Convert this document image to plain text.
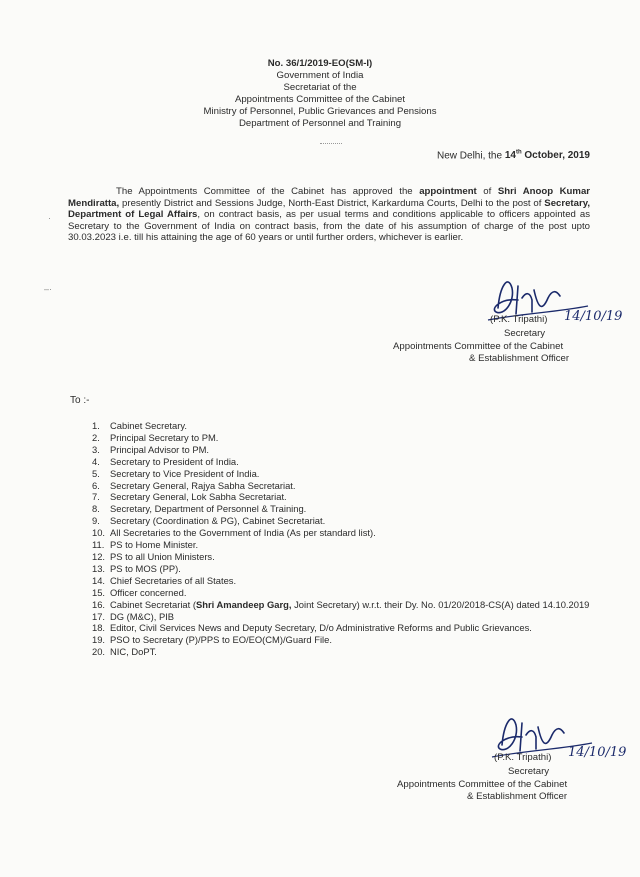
No. 36/1/2019-EO(SM-I)
Government of India
Secretariat of the
Appointments Committee of the Cabinet
Ministry of Personnel, Public Grievances and Pensions
Department of Personnel and Training
New Delhi, the 14th October, 2019
The Appointments Committee of the Cabinet has approved the appointment of Shri Anoop Kumar Mendiratta, presently District and Sessions Judge, North-East District, Karkarduma Courts, Delhi to the post of Secretary, Department of Legal Affairs, on contract basis, as per usual terms and conditions applicable to officers appointed as Secretary to the Government of India on contract basis, from the date of his assumption of charge of the post upto 30.03.2023 i.e. till his attaining the age of 60 years or until further orders, whichever is earlier.
·
–·
(P.K. Tripathi) 14/10/19
Secretary
Appointments Committee of the Cabinet
& Establishment Officer
To :-
1.	Cabinet Secretary.
2.	Principal Secretary to PM.
3.	Principal Advisor to PM.
4.	Secretary to President of India.
5.	Secretary to Vice President of India.
6.	Secretary General, Rajya Sabha Secretariat.
7.	Secretary General, Lok Sabha Secretariat.
8.	Secretary, Department of Personnel & Training.
9.	Secretary (Coordination & PG), Cabinet Secretariat.
10. All Secretaries to the Government of India (As per standard list).
11. PS to Home Minister.
12. PS to all Union Ministers.
13. PS to MOS (PP).
14. Chief Secretaries of all States.
15. Officer concerned.
16. Cabinet Secretariat (Shri Amandeep Garg, Joint Secretary) w.r.t. their Dy. No. 01/20/2018-CS(A) dated 14.10.2019
17. DG (M&C), PIB
18. Editor, Civil Services News and Deputy Secretary, D/o Administrative Reforms and Public Grievances.
19. PSO to Secretary (P)/PPS to EO/EO(CM)/Guard File.
20. NIC, DoPT.
(P.K. Tripathi) 14/10/19
Secretary
Appointments Committee of the Cabinet
& Establishment Officer
